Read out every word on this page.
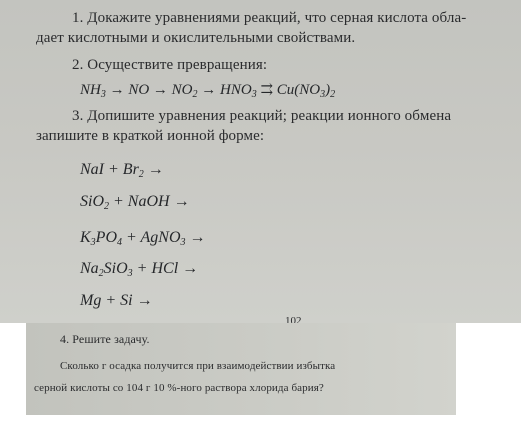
1. Докажите уравнениями реакций, что серная кислота обла-
дает кислотными и окислительными свойствами.
2. Осуществите превращения:
$NH_3$ → NO → $NO_2 \to HNO_3$ ⇉ $Cu(NO_3)_2$
3. Допишите уравнения реакций; реакции ионного обмена
запишите в краткой ионной форме:
NaI + $Br_2$ →
SiO$_2$ + NaOH →
$K_3PO_4$ + AgNO$_3$ →
$Na_2SiO_3$ + HCl →
Mg + Si →
102
4. Решите задачу.
Сколько г осадка получится при взаимодействии избытка
серной кислоты со 104 г 10 %-ного раствора хлорида бария?
